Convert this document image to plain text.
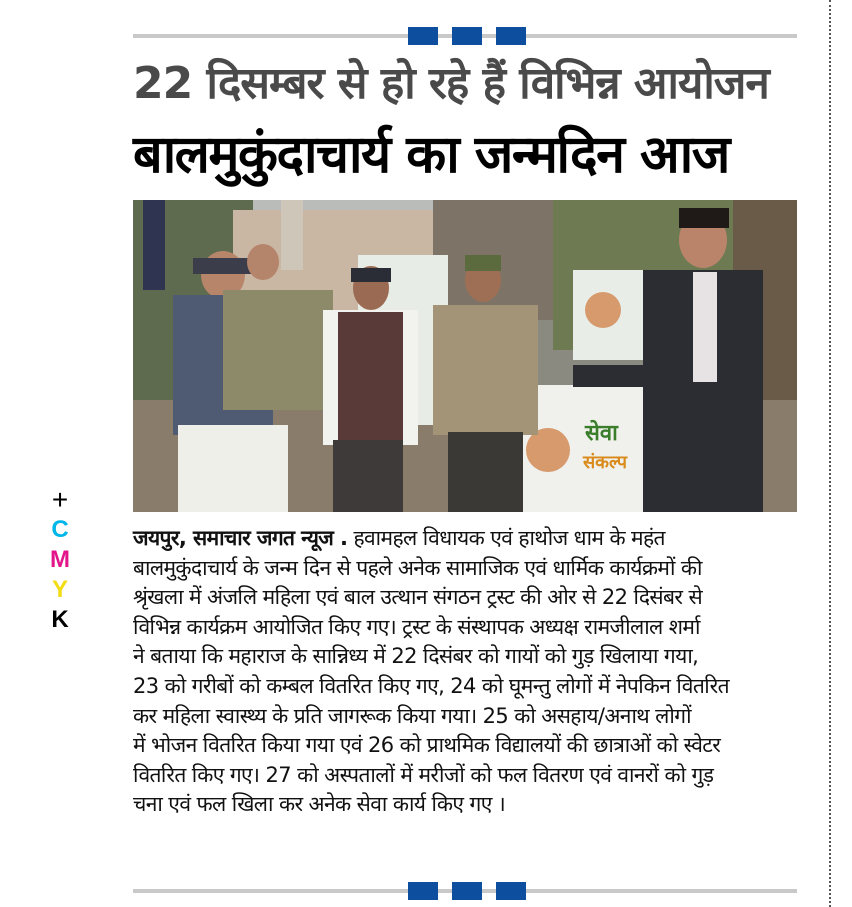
22 दिसम्बर से हो रहे हैं विभिन्न आयोजन
बालमुकुंदाचार्य का जन्मदिन आज
सेवा
संकल्प
+
C
M
Y
K
जयपुर, समाचार जगत न्यूज . हवामहल विधायक एवं हाथोज धाम के महंत
बालमुकुंदाचार्य के जन्म दिन से पहले अनेक सामाजिक एवं धार्मिक कार्यक्रमों की
श्रृंखला में अंजलि महिला एवं बाल उत्थान संगठन ट्रस्ट की ओर से 22 दिसंबर से
विभिन्न कार्यक्रम आयोजित किए गए। ट्रस्ट के संस्थापक अध्यक्ष रामजीलाल शर्मा
ने बताया कि महाराज के सान्निध्य में 22 दिसंबर को गायों को गुड़ खिलाया गया,
23 को गरीबों को कम्बल वितरित किए गए, 24 को घूमन्तु लोगों में नेपकिन वितरित
कर महिला स्वास्थ्य के प्रति जागरूक किया गया। 25 को असहाय/अनाथ लोगों
में भोजन वितरित किया गया एवं 26 को प्राथमिक विद्यालयों की छात्राओं को स्वेटर
वितरित किए गए। 27 को अस्पतालों में मरीजों को फल वितरण एवं वानरों को गुड़
चना एवं फल खिला कर अनेक सेवा कार्य किए गए ।
